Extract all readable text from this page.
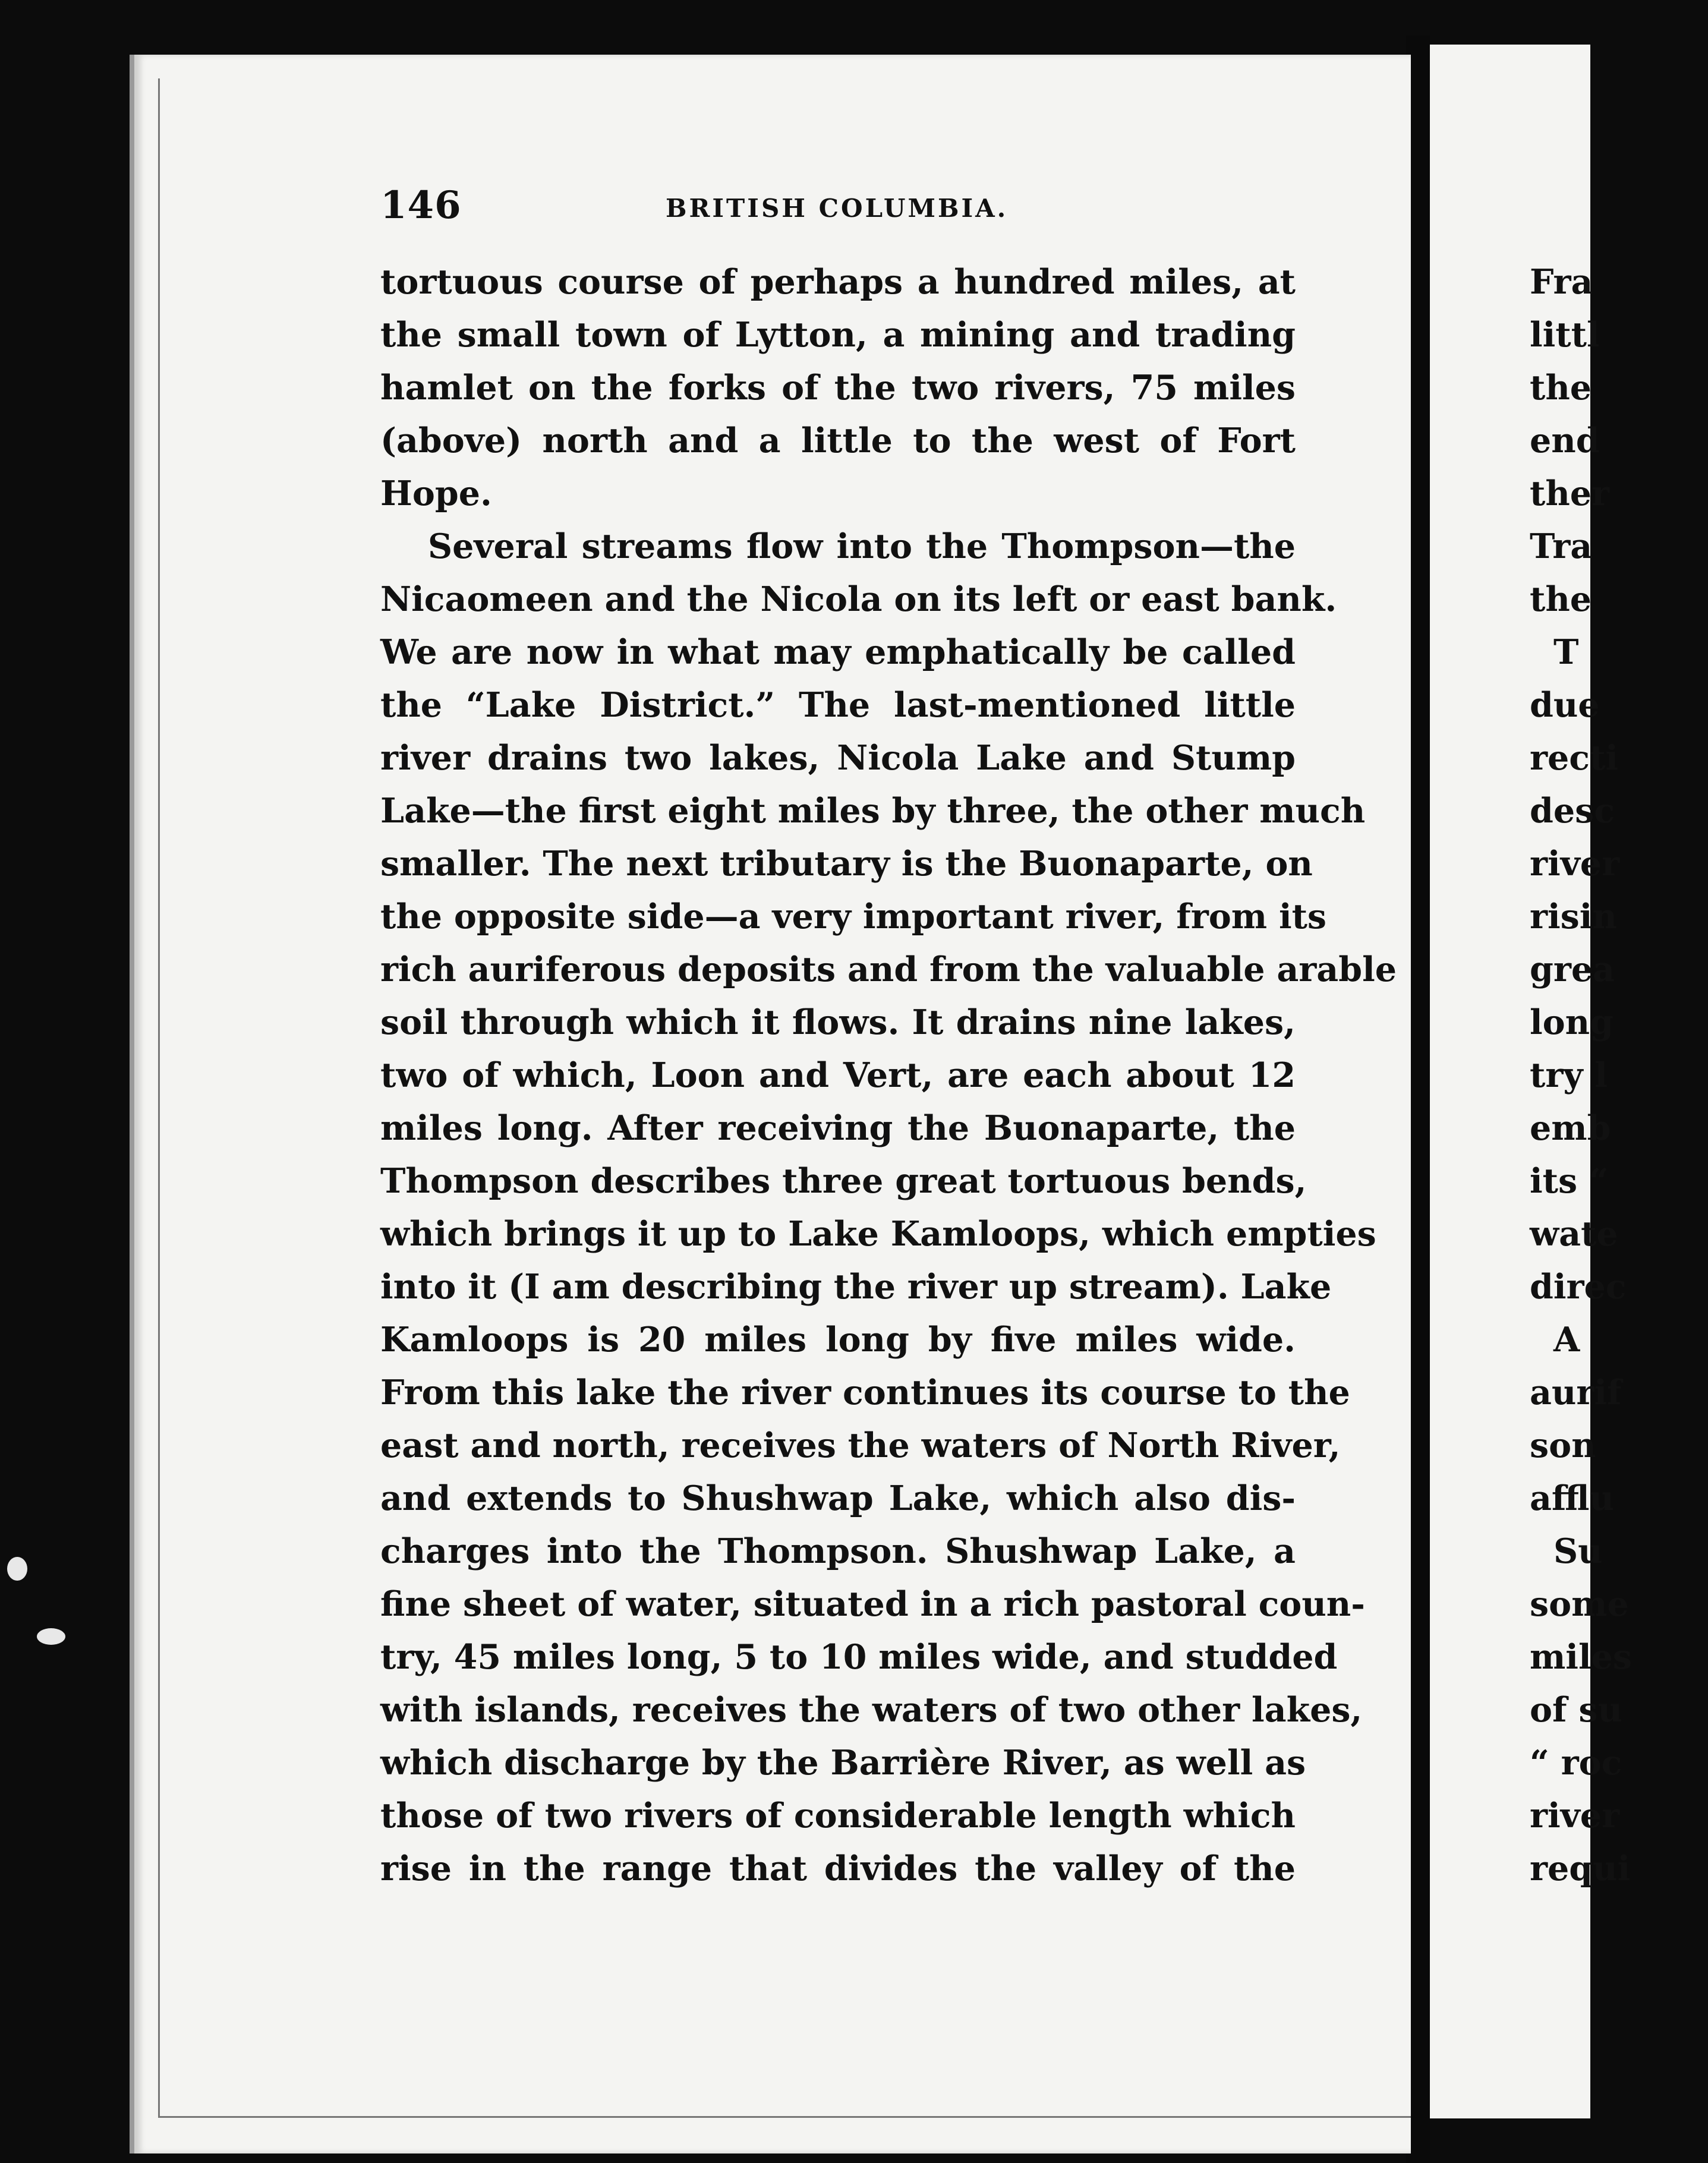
146	BRITISH COLUMBIA.
tortuous course of perhaps a hundred miles, at
the small town of Lytton, a mining and trading
hamlet on the forks of the two rivers, 75 miles
(above) north and a little to the west of Fort
Hope.
Several streams flow into the Thompson—the
Nicaomeen and the Nicola on its left or east bank.
We are now in what may emphatically be called
the “Lake District.” The last-mentioned little
river drains two lakes, Nicola Lake and Stump
Lake—the first eight miles by three, the other much
smaller. The next tributary is the Buonaparte, on
the opposite side—a very important river, from its
rich auriferous deposits and from the valuable arable
soil through which it flows. It drains nine lakes,
two of which, Loon and Vert, are each about 12
miles long. After receiving the Buonaparte, the
Thompson describes three great tortuous bends,
which brings it up to Lake Kamloops, which empties
into it (I am describing the river up stream). Lake
Kamloops is 20 miles long by five miles wide.
From this lake the river continues its course to the
east and north, receives the waters of North River,
and extends to Shushwap Lake, which also dis-
charges into the Thompson. Shushwap Lake, a
fine sheet of water, situated in a rich pastoral coun-
try, 45 miles long, 5 to 10 miles wide, and studded
with islands, receives the waters of two other lakes,
which discharge by the Barrière River, as well as
those of two rivers of considerable length which
rise in the range that divides the valley of the
Fra
littl
the
end
ther
Tra
the
T
due
recti
desc
river
risin
grea
long
try l
emb
its “
wate
direc
A
aurif
son
afflu
Su
some
miles
of su
“ roc
river
requi
